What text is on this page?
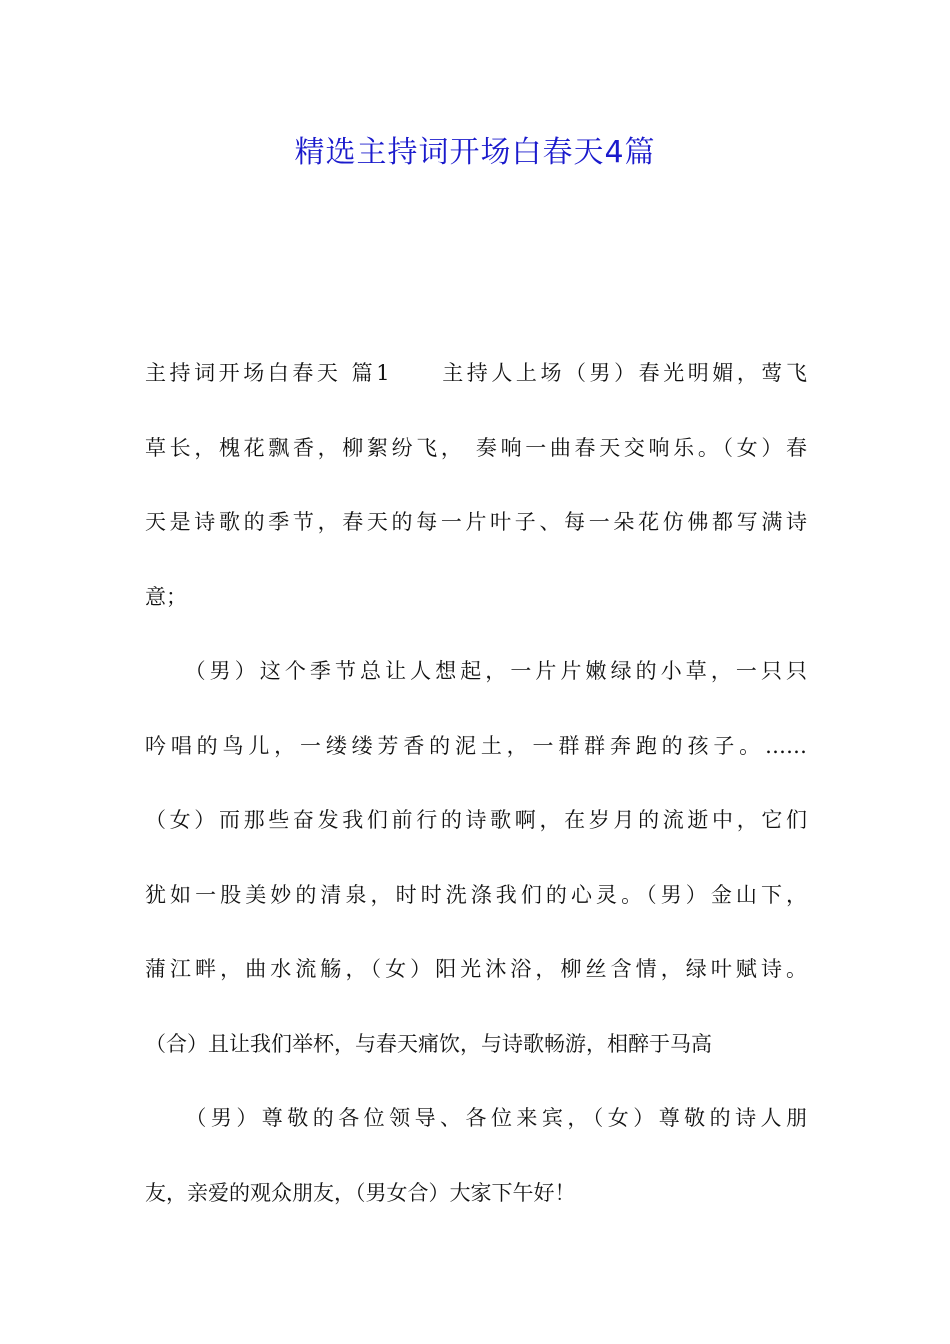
精选主持词开场白春天4篇
主持词开场白春天 篇1　　主持人上场（男）春光明媚，莺飞
草长，槐花飘香，柳絮纷飞， 奏响一曲春天交响乐。（女）春
天是诗歌的季节，春天的每一片叶子、每一朵花仿佛都写满诗
意；
　　（男）这个季节总让人想起，一片片嫩绿的小草，一只只
吟唱的鸟儿，一缕缕芳香的泥土，一群群奔跑的孩子。……
（女）而那些奋发我们前行的诗歌啊，在岁月的流逝中，它们
犹如一股美妙的清泉，时时洗涤我们的心灵。（男）金山下，
蒲江畔，曲水流觞，（女）阳光沐浴，柳丝含情，绿叶赋诗。
（合）且让我们举杯，与春天痛饮，与诗歌畅游，相醉于马高
　　（男）尊敬的各位领导、各位来宾，（女）尊敬的诗人朋
友，亲爱的观众朋友，（男女合）大家下午好！
